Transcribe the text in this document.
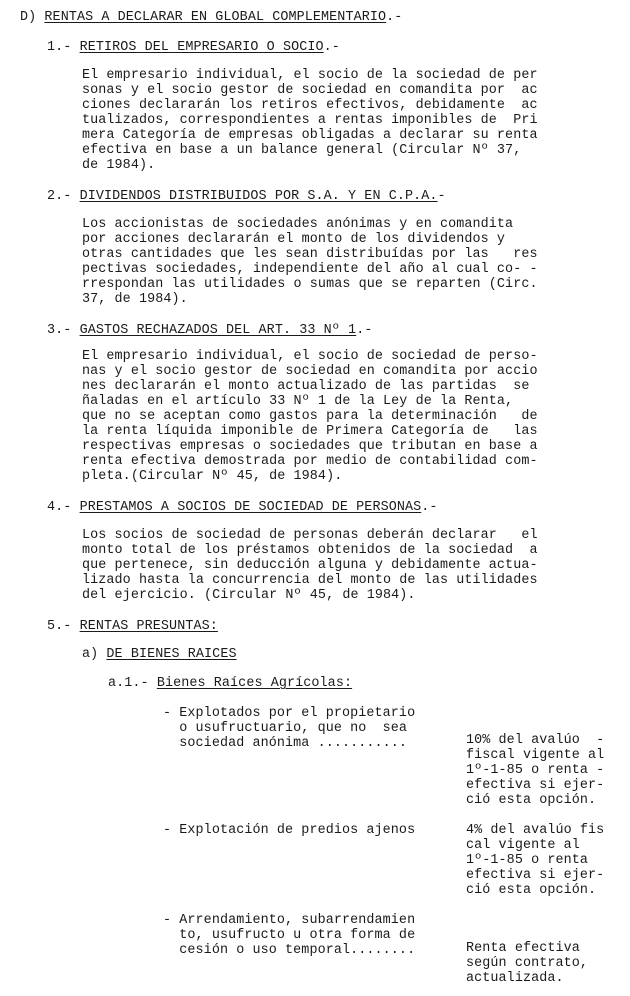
D) RENTAS A DECLARAR EN GLOBAL COMPLEMENTARIO.-
1.- RETIROS DEL EMPRESARIO O SOCIO.-
El empresario individual, el socio de la sociedad de per
sonas y el socio gestor de sociedad en comandita por  ac
ciones declararán los retiros efectivos, debidamente  ac
tualizados, correspondientes a rentas imponibles de  Pri
mera Categoría de empresas obligadas a declarar su renta
efectiva en base a un balance general (Circular Nº 37,
de 1984).
2.- DIVIDENDOS DISTRIBUIDOS POR S.A. Y EN C.P.A.-
Los accionistas de sociedades anónimas y en comandita
por acciones declararán el monto de los dividendos y
otras cantidades que les sean distribuídas por las   res
pectivas sociedades, independiente del año al cual co- -
rrespondan las utilidades o sumas que se reparten (Circ.
37, de 1984).
3.- GASTOS RECHAZADOS DEL ART. 33 Nº 1.-
El empresario individual, el socio de sociedad de perso-
nas y el socio gestor de sociedad en comandita por accio
nes declararán el monto actualizado de las partidas  se
ñaladas en el artículo 33 Nº 1 de la Ley de la Renta,
que no se aceptan como gastos para la determinación   de
la renta líquida imponible de Primera Categoría de   las
respectivas empresas o sociedades que tributan en base a
renta efectiva demostrada por medio de contabilidad com-
pleta.(Circular Nº 45, de 1984).
4.- PRESTAMOS A SOCIOS DE SOCIEDAD DE PERSONAS.-
Los socios de sociedad de personas deberán declarar   el
monto total de los préstamos obtenidos de la sociedad  a
que pertenece, sin deducción alguna y debidamente actua-
lizado hasta la concurrencia del monto de las utilidades
del ejercicio. (Circular Nº 45, de 1984).
5.- RENTAS PRESUNTAS:
a) DE BIENES RAICES
a.1.- Bienes Raíces Agrícolas:
- Explotados por el propietario
o usufructuario, que no  sea
sociedad anónima ...........	10% del avalúo  -
fiscal vigente al
1º-1-85 o renta -
efectiva si ejer-
ció esta opción.
- Explotación de predios ajenos	4% del avalúo fis
cal vigente al
1º-1-85 o renta
efectiva si ejer-
ció esta opción.
- Arrendamiento, subarrendamien
to, usufructo u otra forma de
cesión o uso temporal........	Renta efectiva
según contrato,
actualizada.
